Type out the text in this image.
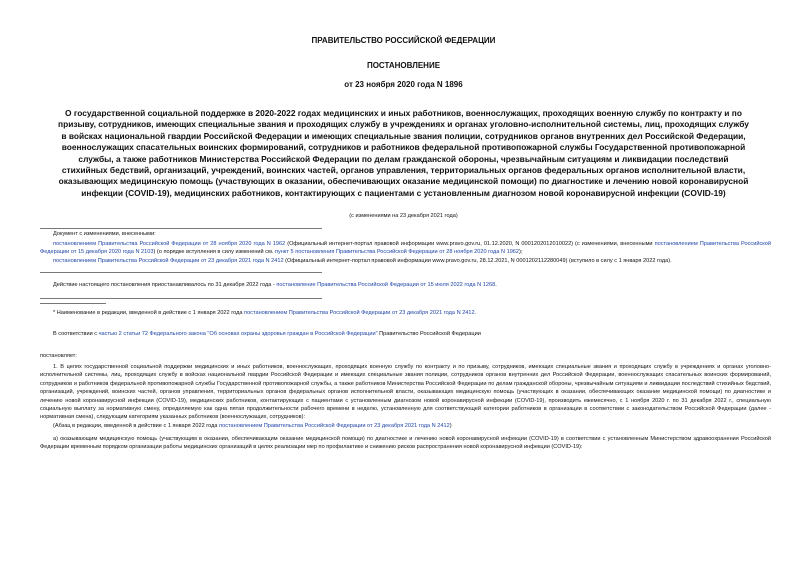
ПРАВИТЕЛЬСТВО РОССИЙСКОЙ ФЕДЕРАЦИИ
ПОСТАНОВЛЕНИЕ
от 23 ноября 2020 года N 1896
О государственной социальной поддержке в 2020-2022 годах медицинских и иных работников, военнослужащих, проходящих военную службу по контракту и по призыву, сотрудников, имеющих специальные звания и проходящих службу в учреждениях и органах уголовно-исполнительной системы, лиц, проходящих службу в войсках национальной гвардии Российской Федерации и имеющих специальные звания полиции, сотрудников органов внутренних дел Российской Федерации, военнослужащих спасательных воинских формирований, сотрудников и работников федеральной противопожарной службы Государственной противопожарной службы, а также работников Министерства Российской Федерации по делам гражданской обороны, чрезвычайным ситуациям и ликвидации последствий стихийных бедствий, организаций, учреждений, воинских частей, органов управления, территориальных органов федеральных органов исполнительной власти, оказывающих медицинскую помощь (участвующих в оказании, обеспечивающих оказание медицинской помощи) по диагностике и лечению новой коронавирусной инфекции (COVID-19), медицинских работников, контактирующих с пациентами с установленным диагнозом новой коронавирусной инфекции (COVID-19)
(с изменениями на 23 декабря 2021 года)

Документ с изменениями, внесенными:

постановлением Правительства Российской Федерации от 28 ноября 2020 года N 1962 (Официальный интернет-портал правовой информации www.pravo.gov.ru, 01.12.2020, N 0001202012010022) (с изменениями, внесенными постановлением Правительства Российской Федерации от 15 декабря 2020 года N 2103) (о порядке вступления в силу изменений см. пункт 5 постановления Правительства Российской Федерации от 28 ноября 2020 года N 1962);

постановлением Правительства Российской Федерации от 23 декабря 2021 года N 2412 (Официальный интернет-портал правовой информации www.pravo.gov.ru, 28.12.2021, N 0001202112280049) (вступило в силу с 1 января 2022 года).

Действие настоящего постановления приостанавливалось по 31 декабря 2022 года - постановление Правительства Российской Федерации от 15 июля 2022 года N 1268.

* Наименование в редакции, введенной в действие с 1 января 2022 года постановлением Правительства Российской Федерации от 23 декабря 2021 года N 2412.

В соответствии с частью 2 статьи 72 Федерального закона "Об основах охраны здоровья граждан в Российской Федерации" Правительство Российской Федерации

постановляет:

1. В целях государственной социальной поддержки медицинских и иных работников, военнослужащих, проходящих военную службу по контракту и по призыву, сотрудников, имеющих специальные звания и проходящих службу в учреждениях и органах уголовно-исполнительной системы, лиц, проходящих службу в войсках национальной гвардии Российской Федерации и имеющих специальные звания полиции, сотрудников органов внутренних дел Российской Федерации, военнослужащих спасательных воинских формирований, сотрудников и работников федеральной противопожарной службы Государственной противопожарной службы, а также работников Министерства Российской Федерации по делам гражданской обороны, чрезвычайным ситуациям и ликвидации последствий стихийных бедствий, организаций, учреждений, воинских частей, органов управления, территориальных органов федеральных органов исполнительной власти, оказывающих медицинскую помощь (участвующих в оказании, обеспечивающих оказание медицинской помощи) по диагностике и лечению новой коронавирусной инфекции (COVID-19), медицинских работников, контактирующих с пациентами с установленным диагнозом новой коронавирусной инфекции (COVID-19), производить ежемесячно, с 1 ноября 2020 г. по 31 декабря 2022 г., специальную социальную выплату за нормативную смену, определяемую как одна пятая продолжительности рабочего времени в неделю, установленную для соответствующей категории работников в организации в соответствии с законодательством Российской Федерации (далее - нормативная смена), следующим категориям указанных работников (военнослужащих, сотрудников):

(Абзац в редакции, введенной в действие с 1 января 2022 года постановлением Правительства Российской Федерации от 23 декабря 2021 года N 2412)

а) оказывающим медицинскую помощь (участвующим в оказании, обеспечивающим оказание медицинской помощи) по диагностике и лечению новой коронавирусной инфекции (COVID-19) в соответствии с установленным Министерством здравоохранения Российской Федерации временным порядком организации работы медицинских организаций в целях реализации мер по профилактике и снижению рисков распространения новой коронавирусной инфекции (COVID-19):
